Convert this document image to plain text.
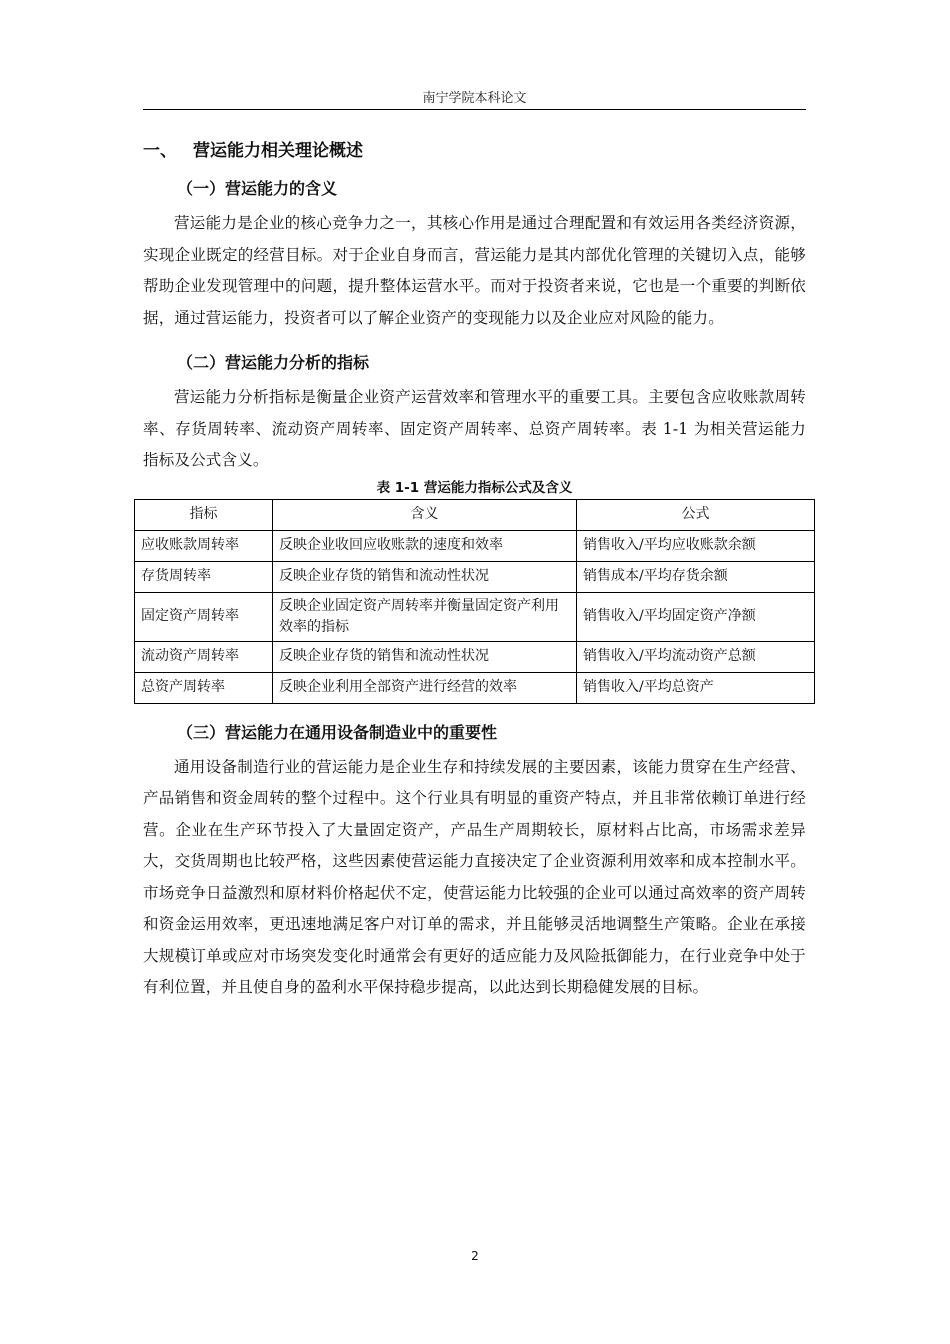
南宁学院本科论文
一、 营运能力相关理论概述
（一）营运能力的含义

营运能力是企业的核心竞争力之一，其核心作用是通过合理配置和有效运用各类经济资源，实现企业既定的经营目标。对于企业自身而言，营运能力是其内部优化管理的关键切入点，能够帮助企业发现管理中的问题，提升整体运营水平。而对于投资者来说，它也是一个重要的判断依据，通过营运能力，投资者可以了解企业资产的变现能力以及企业应对风险的能力。

（二）营运能力分析的指标

营运能力分析指标是衡量企业资产运营效率和管理水平的重要工具。主要包含应收账款周转率、存货周转率、流动资产周转率、固定资产周转率、总资产周转率。表 1-1 为相关营运能力指标及公式含义。

表 1-1 营运能力指标公式及含义
指标	含义	公式
应收账款周转率	反映企业收回应收账款的速度和效率	销售收入/平均应收账款余额
存货周转率	反映企业存货的销售和流动性状况	销售成本/平均存货余额
固定资产周转率	反映企业固定资产周转率并衡量固定资产利用效率的指标	销售收入/平均固定资产净额
流动资产周转率	反映企业存货的销售和流动性状况	销售收入/平均流动资产总额
总资产周转率	反映企业利用全部资产进行经营的效率	销售收入/平均总资产
（三）营运能力在通用设备制造业中的重要性

通用设备制造行业的营运能力是企业生存和持续发展的主要因素，该能力贯穿在生产经营、产品销售和资金周转的整个过程中。这个行业具有明显的重资产特点，并且非常依赖订单进行经营。企业在生产环节投入了大量固定资产，产品生产周期较长，原材料占比高，市场需求差异大，交货周期也比较严格，这些因素使营运能力直接决定了企业资源利用效率和成本控制水平。市场竞争日益激烈和原材料价格起伏不定，使营运能力比较强的企业可以通过高效率的资产周转和资金运用效率，更迅速地满足客户对订单的需求，并且能够灵活地调整生产策略。企业在承接大规模订单或应对市场突发变化时通常会有更好的适应能力及风险抵御能力，在行业竞争中处于有利位置，并且使自身的盈利水平保持稳步提高，以此达到长期稳健发展的目标。

2
